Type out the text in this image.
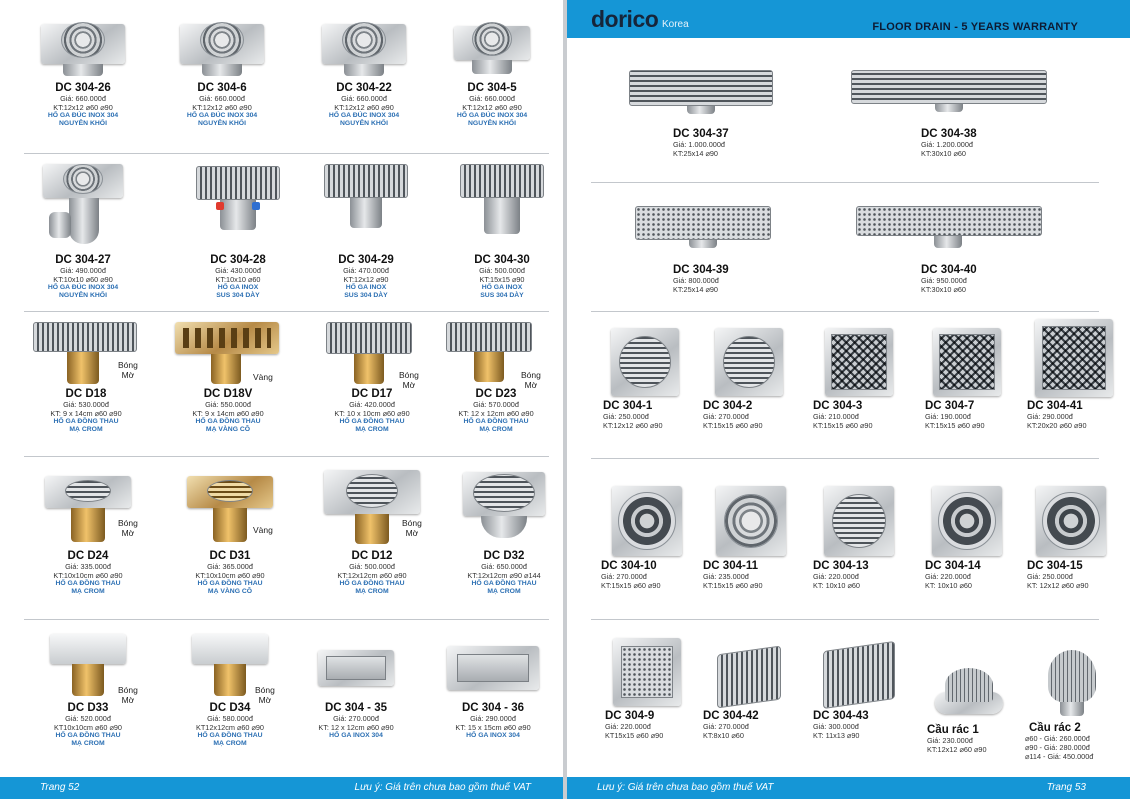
DC 304-26
Giá: 660.000đ
KT:12x12 ⌀60 ⌀90
HỐ GA ĐÚC INOX 304
NGUYÊN KHỐI
DC 304-6
Giá: 660.000đ
KT:12x12 ⌀60 ⌀90
HỐ GA ĐÚC INOX 304
NGUYÊN KHỐI
DC 304-22
Giá: 660.000đ
KT:12x12 ⌀60 ⌀90
HỐ GA ĐÚC INOX 304
NGUYÊN KHỐI
DC 304-5
Giá: 660.000đ
KT:12x12 ⌀60 ⌀90
HỐ GA ĐÚC INOX 304
NGUYÊN KHỐI
DC 304-27
Giá: 490.000đ
KT:10x10 ⌀60 ⌀90
HỐ GA ĐÚC INOX 304
NGUYÊN KHỐI
DC 304-28
Giá: 430.000đ
KT:10x10 ⌀60
HỐ GA INOX
SUS 304 DÀY
DC 304-29
Giá: 470.000đ
KT:12x12 ⌀90
HỐ GA INOX
SUS 304 DÀY
DC 304-30
Giá: 500.000đ
KT:15x15 ⌀90
HỐ GA INOX
SUS 304 DÀY
DC D18
Giá: 530.000đ
KT: 9 x 14cm ⌀60 ⌀90
HỐ GA ĐỒNG THAU
MẠ CROM
Bóng
Mờ
DC D18V
Giá: 550.000đ
KT: 9 x 14cm ⌀60 ⌀90
HỐ GA ĐỒNG THAU
MẠ VÀNG CÔ
Vàng
DC D17
Giá: 420.000đ
KT: 10 x 10cm ⌀60 ⌀90
HỐ GA ĐỒNG THAU
MẠ CROM
Bóng
Mờ
DC D23
Giá: 570.000đ
KT: 12 x 12cm ⌀60 ⌀90
HỐ GA ĐỒNG THAU
MẠ CROM
Bóng
Mờ
DC D24
Giá: 335.000đ
KT:10x10cm ⌀60 ⌀90
HỐ GA ĐỒNG THAU
MẠ CROM
Bóng
Mờ
DC D31
Giá: 365.000đ
KT:10x10cm ⌀60 ⌀90
HỐ GA ĐỒNG THAU
MẠ VÀNG CÔ
Vàng
DC D12
Giá: 500.000đ
KT:12x12cm ⌀60 ⌀90
HỐ GA ĐỒNG THAU
MẠ CROM
Bóng
Mờ
DC D32
Giá: 650.000đ
KT:12x12cm ⌀90 ⌀144
HỐ GA ĐỒNG THAU
MẠ CROM
DC D33
Giá: 520.000đ
KT10x10cm ⌀60 ⌀90
HỐ GA ĐỒNG THAU
MẠ CROM
Bóng
Mờ
DC D34
Giá: 580.000đ
KT12x12cm ⌀60 ⌀90
HỐ GA ĐỒNG THAU
MẠ CROM
Bóng
Mờ
DC 304 - 35
Giá: 270.000đ
KT: 12 x 12cm ⌀60 ⌀90
HỐ GA INOX 304
DC 304 - 36
Giá: 290.000đ
KT: 15 x 15cm ⌀60 ⌀90
HỐ GA INOX 304
Trang 52	Lưu ý: Giá trên chưa bao gồm thuế VAT
dorico Korea	FLOOR DRAIN - 5 YEARS WARRANTY
DC 304-37
Giá: 1.000.000đ
KT:25x14 ⌀90
DC 304-38
Giá: 1.200.000đ
KT:30x10 ⌀60
DC 304-39
Giá: 800.000đ
KT:25x14 ⌀90
DC 304-40
Giá: 950.000đ
KT:30x10 ⌀60
DC 304-1
Giá: 250.000đ
KT:12x12 ⌀60 ⌀90
DC 304-2
Giá: 270.000đ
KT:15x15 ⌀60 ⌀90
DC 304-3
Giá: 210.000đ
KT:15x15 ⌀60 ⌀90
DC 304-7
Giá: 190.000đ
KT:15x15 ⌀60 ⌀90
DC 304-41
Giá: 290.000đ
KT:20x20 ⌀60 ⌀90
DC 304-10
Giá: 270.000đ
KT:15x15 ⌀60 ⌀90
DC 304-11
Giá: 235.000đ
KT:15x15 ⌀60 ⌀90
DC 304-13
Giá: 220.000đ
KT: 10x10 ⌀60
DC 304-14
Giá: 220.000đ
KT: 10x10 ⌀60
DC 304-15
Giá: 250.000đ
KT: 12x12 ⌀60 ⌀90
DC 304-9
Giá: 220.000đ
KT15x15 ⌀60 ⌀90
DC 304-42
Giá: 270.000đ
KT:8x10 ⌀60
DC 304-43
Giá: 300.000đ
KT: 11x13 ⌀90	Cầu rác 1
Giá: 230.000đ
KT:12x12 ⌀60 ⌀90
Cầu rác 2
⌀60 - Giá: 260.000đ
⌀90 - Giá: 280.000đ
⌀114 - Giá: 450.000đ
Lưu ý: Giá trên chưa bao gồm thuế VAT	Trang 53
